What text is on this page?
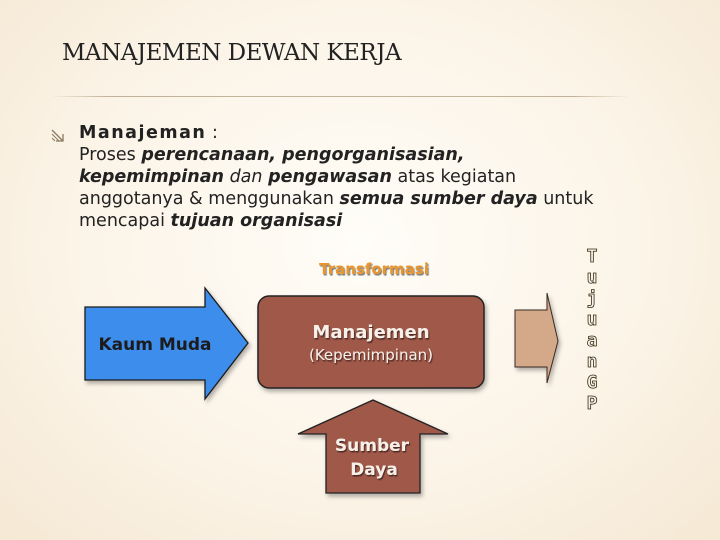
MANAJEMEN DEWAN KERJA
Manajeman :
Proses perencanaan, pengorganisasian,
kepemimpinan dan pengawasan atas kegiatan
anggotanya & menggunakan semua sumber daya untuk
mencapai tujuan organisasi
Transformasi
Kaum Muda
Manajemen
(Kepemimpinan)
Sumber
Daya
T
u
j
u
a
n
G
P
